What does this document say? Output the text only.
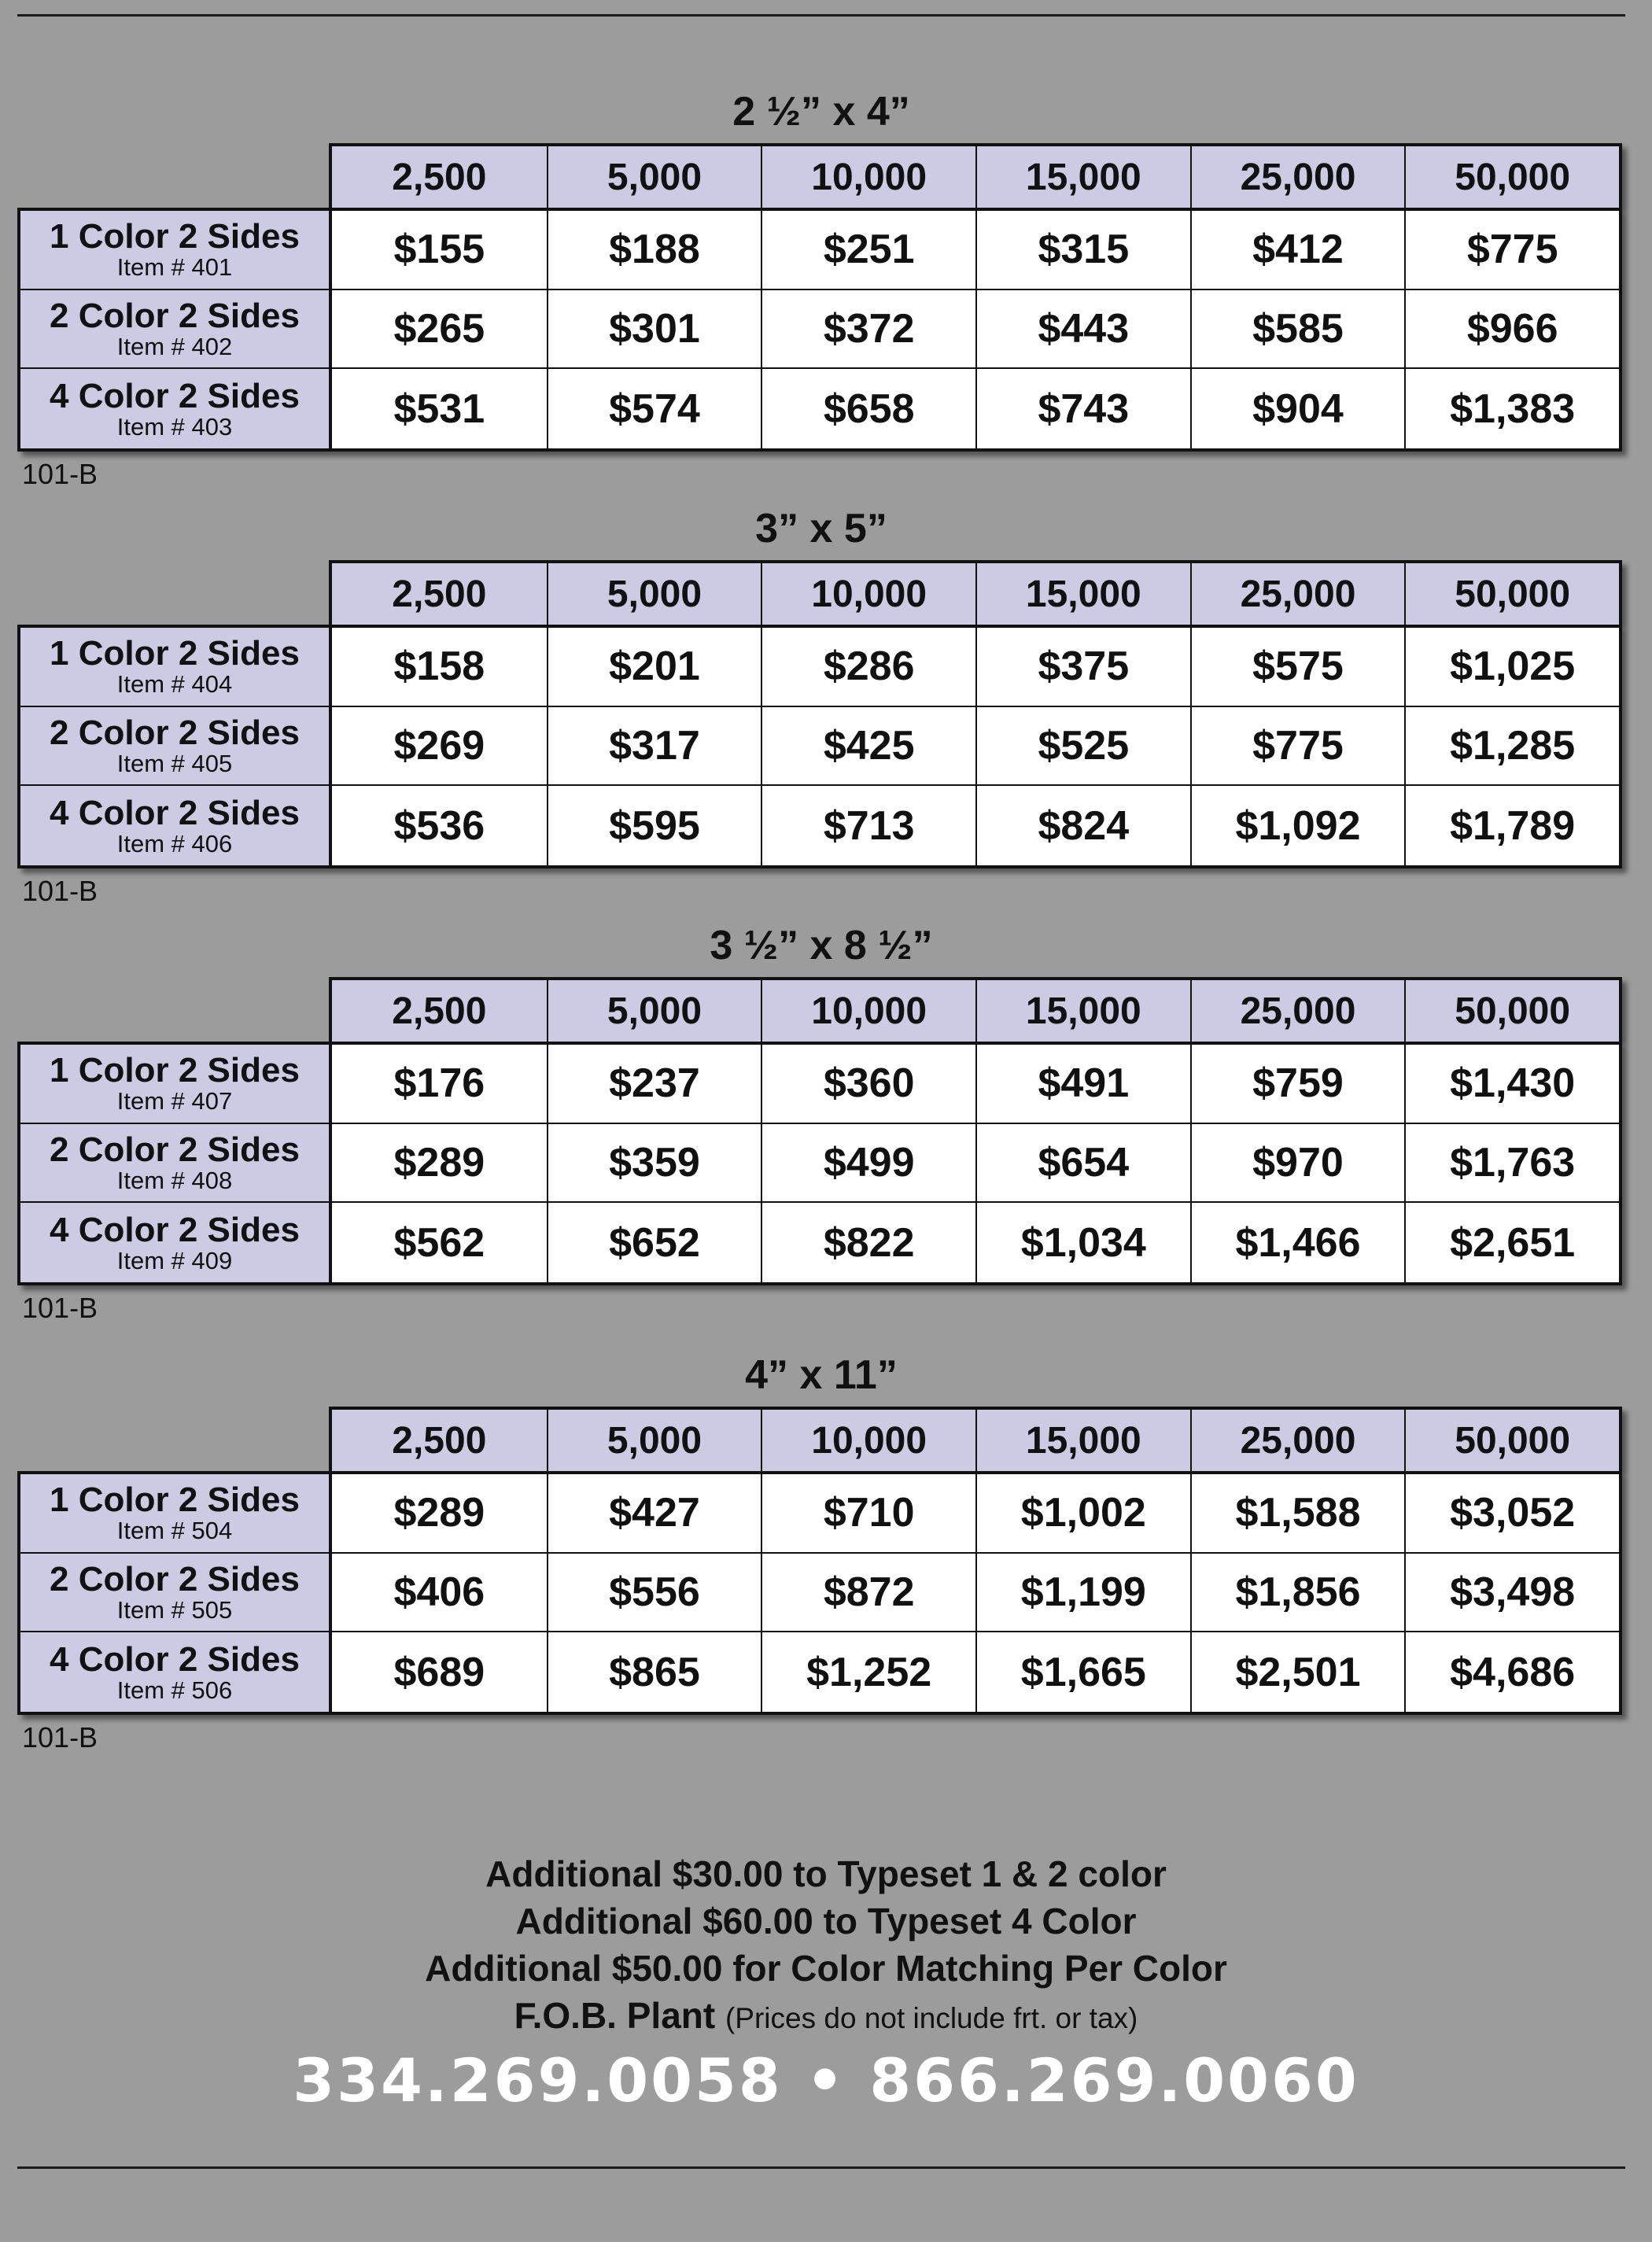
2 ½” x 4”
2,500	5,000	10,000	15,000	25,000	50,000
1 Color 2 Sides
Item # 401	$155	$188	$251	$315	$412	$775
2 Color 2 Sides
Item # 402	$265	$301	$372	$443	$585	$966
4 Color 2 Sides
Item # 403	$531	$574	$658	$743	$904	$1,383
101-B
3” x 5”
2,500	5,000	10,000	15,000	25,000	50,000
1 Color 2 Sides
Item # 404	$158	$201	$286	$375	$575	$1,025
2 Color 2 Sides
Item # 405	$269	$317	$425	$525	$775	$1,285
4 Color 2 Sides
Item # 406	$536	$595	$713	$824	$1,092	$1,789
101-B
3 ½” x 8 ½”
2,500	5,000	10,000	15,000	25,000	50,000
1 Color 2 Sides
Item # 407	$176	$237	$360	$491	$759	$1,430
2 Color 2 Sides
Item # 408	$289	$359	$499	$654	$970	$1,763
4 Color 2 Sides
Item # 409	$562	$652	$822	$1,034	$1,466	$2,651
101-B
4” x 11”
2,500	5,000	10,000	15,000	25,000	50,000
1 Color 2 Sides
Item # 504	$289	$427	$710	$1,002	$1,588	$3,052
2 Color 2 Sides
Item # 505	$406	$556	$872	$1,199	$1,856	$3,498
4 Color 2 Sides
Item # 506	$689	$865	$1,252	$1,665	$2,501	$4,686
101-B
Additional $30.00 to Typeset 1 & 2 color
Additional $60.00 to Typeset 4 Color
Additional $50.00 for Color Matching Per Color
F.O.B. Plant (Prices do not include frt. or tax)
334.269.0058 • 866.269.0060
